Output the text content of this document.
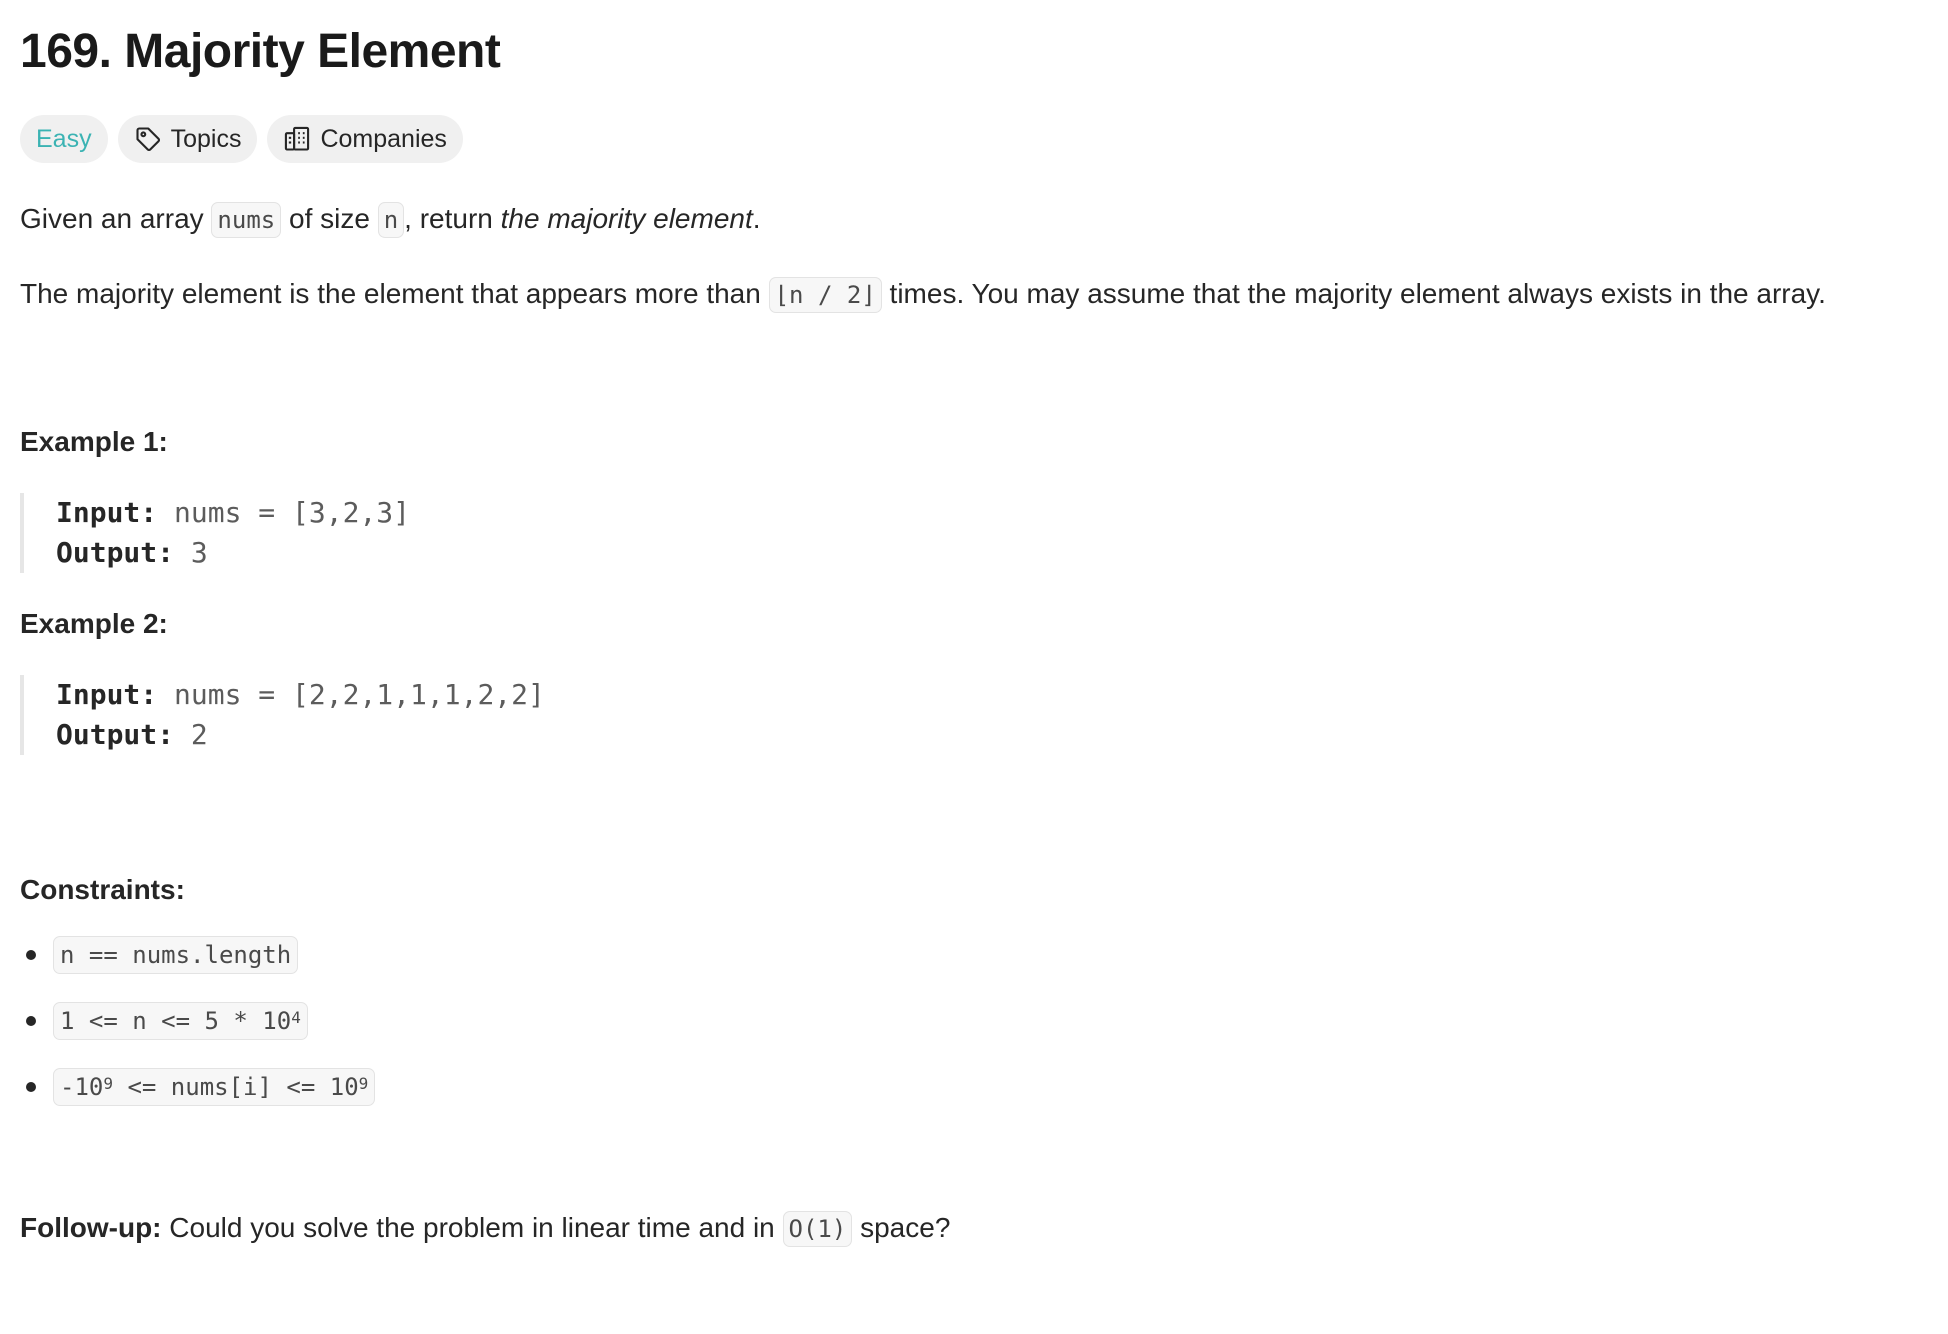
169. Majority Element
Easy	Topics	Companies

Given an array nums of size n , return the majority element.

The majority element is the element that appears more than ⌊n / 2⌋ times. You may assume that the majority element always exists in the array.

Example 1:

Input: nums = [3,2,3]
Output: 3

Example 2:

Input: nums = [2,2,1,1,1,2,2]
Output: 2

Constraints:

n == nums.length
$1 <= n <= 5 * 10^4$
$-10^9$ <= nums[i] <= $10^9$

Follow-up: Could you solve the problem in linear time and in O(1) space?
